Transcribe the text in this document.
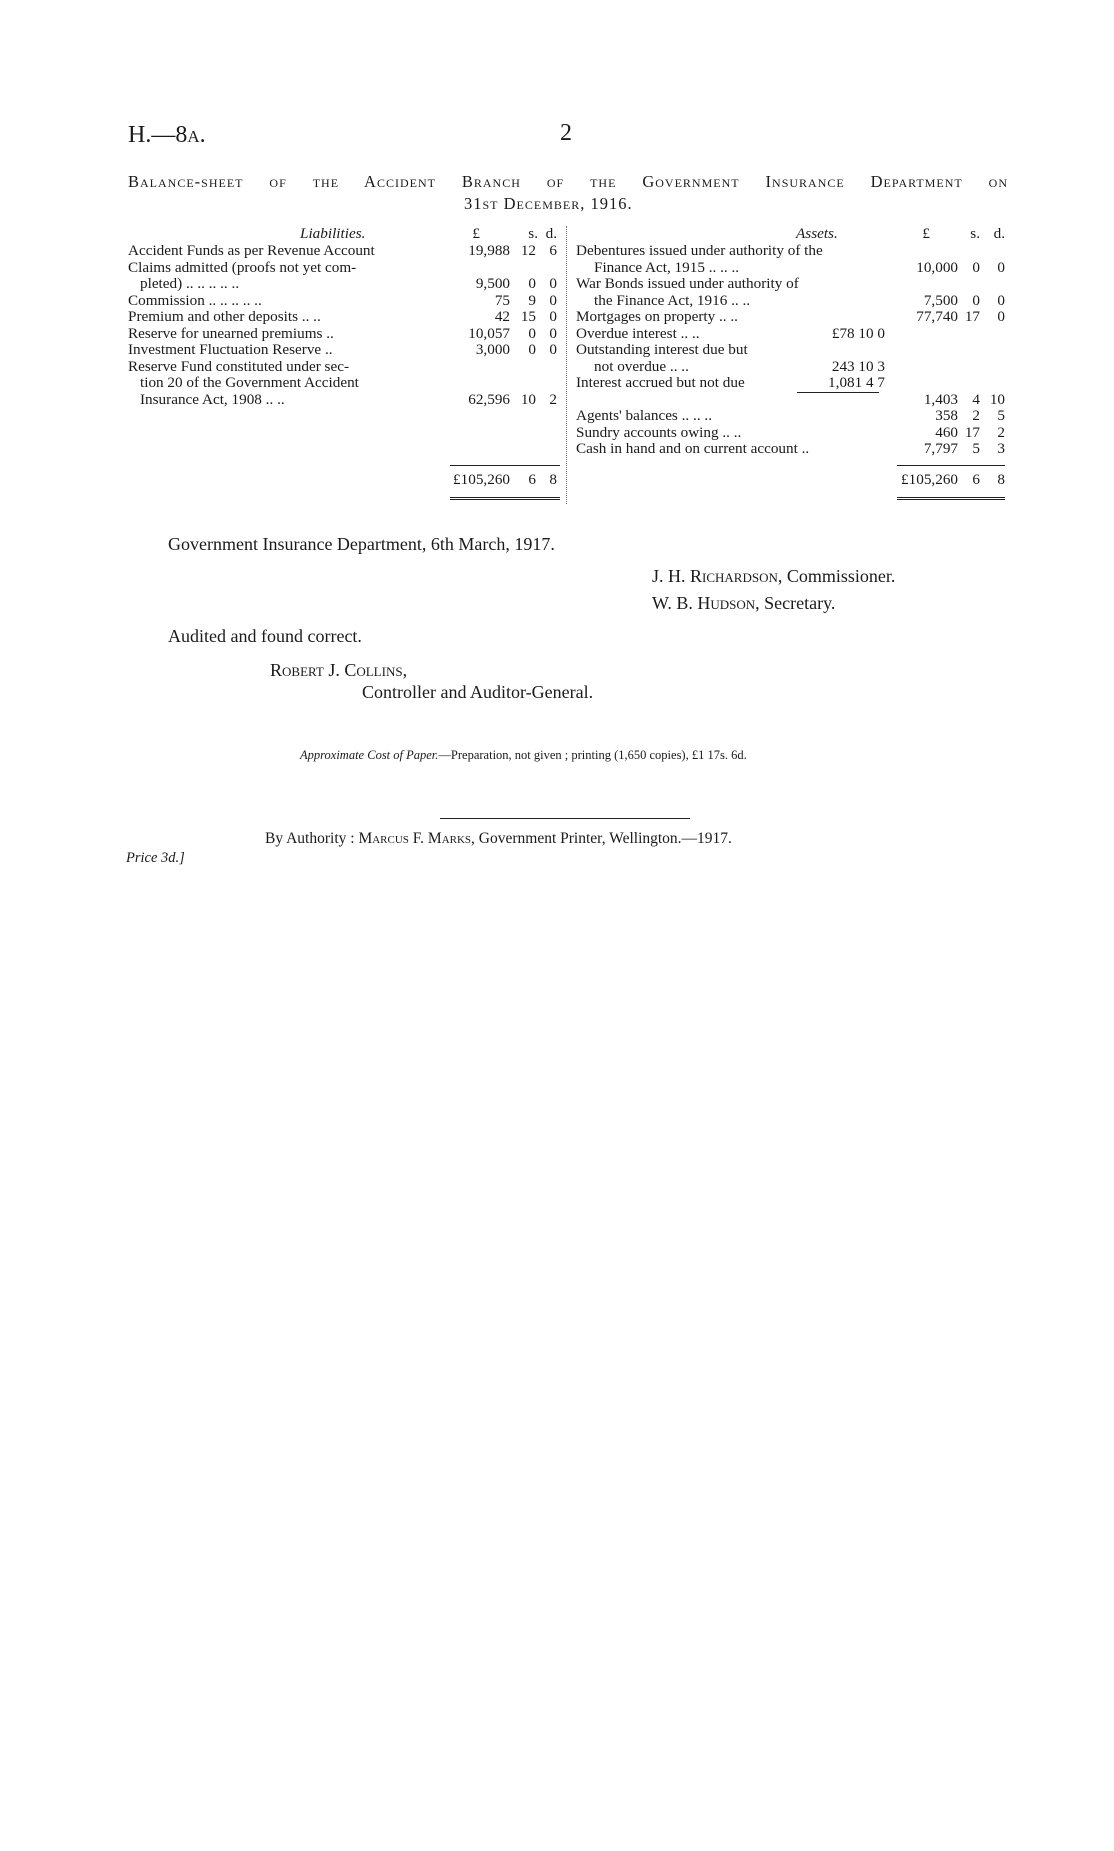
H.—8a.	2
Balance-sheet of the Accident Branch of the Government Insurance Department on
31st December, 1916.
Liabilities.	£	s. d.
Accident Funds as per Revenue Account	19,988 12 6
Claims admitted (proofs not yet com-
pleted) .. .. .. .. ..	9,500	0 0
Commission .. .. .. .. ..	75	9 0
Premium and other deposits .. ..	42 15 0
Reserve for unearned premiums ..	10,057	0 0
Investment Fluctuation Reserve ..	3,000	0 0
Reserve Fund constituted under sec-
tion 20 of the Government Accident
Insurance Act, 1908 .. ..	62,596 10 2
£105,260	6 8
Assets.	£	s. d.
Debentures issued under authority of the
Finance Act, 1915 .. .. ..	10,000 0	0
War Bonds issued under authority of
the Finance Act, 1916 .. ..	7,500 0	0
Mortgages on property .. ..	77,740 17	0
Overdue interest .. ..	£78 10 0
Outstanding interest due but
not overdue .. ..	243 10 3
Interest accrued but not due	1,081 4 7
1,403 4 10
Agents' balances .. .. ..	358 2	5
Sundry accounts owing .. ..	460 17	2
Cash in hand and on current account ..	7,797 5	3
£105,260 6	8
Government Insurance Department, 6th March, 1917.
J. H. Richardson, Commissioner.
W. B. Hudson, Secretary.
Audited and found correct.
Robert J. Collins,
Controller and Auditor-General.
Approximate Cost of Paper.—Preparation, not given ; printing (1,650 copies), £1 17s. 6d.
By Authority : Marcus F. Marks, Government Printer, Wellington.—1917.
Price 3d.]
